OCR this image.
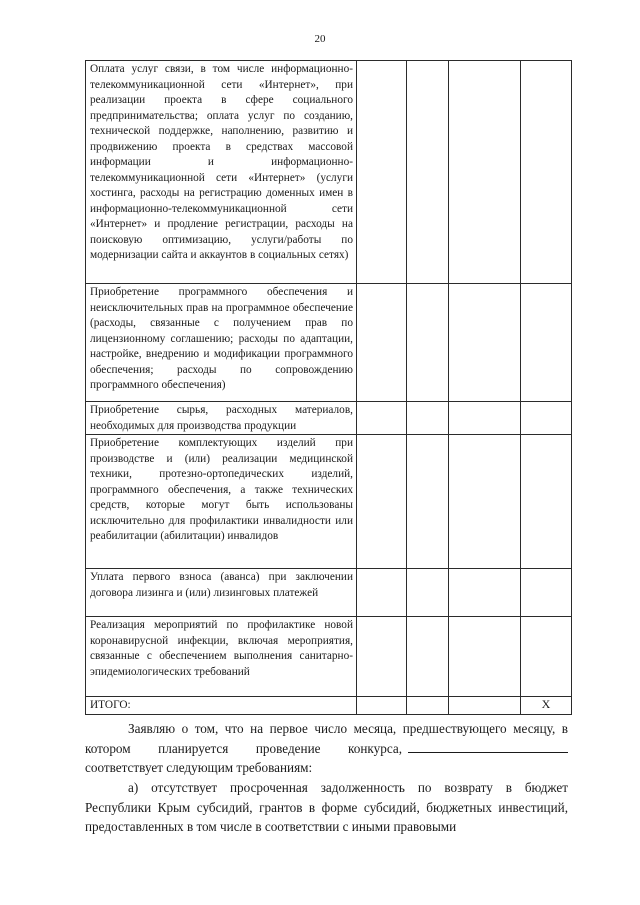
20
Оплата услуг связи, в том числе информационно-телекоммуникационной сети «Интернет», при реализации проекта в сфере социального предпринимательства; оплата услуг по созданию, технической поддержке, наполнению, развитию и продвижению проекта в средствах массовой информации и информационно-телекоммуникационной сети «Интернет» (услуги хостинга, расходы на регистрацию доменных имен в информационно-телекоммуникационной сети «Интернет» и продление регистрации, расходы на поисковую оптимизацию, услуги/работы по модернизации сайта и аккаунтов в социальных сетях)				
Приобретение программного обеспечения и неисключительных прав на программное обеспечение (расходы, связанные с получением прав по лицензионному соглашению; расходы по адаптации, настройке, внедрению и модификации программного обеспечения; расходы по сопровождению программного обеспечения)				
Приобретение сырья, расходных материалов, необходимых для производства продукции				
Приобретение комплектующих изделий при производстве и (или) реализации медицинской техники, протезно-ортопедических изделий, программного обеспечения, а также технических средств, которые могут быть использованы исключительно для профилактики инвалидности или реабилитации (абилитации) инвалидов				
Уплата первого взноса (аванса) при заключении договора лизинга и (или) лизинговых платежей				
Реализация мероприятий по профилактике новой коронавирусной инфекции, включая мероприятия, связанные с обеспечением выполнения санитарно-эпидемиологических требований				
ИТОГО:				X
Заявляю о том, что на первое число месяца, предшествующего месяцу, в котором планируется проведение конкурса, соответствует следующим требованиям:
а) отсутствует просроченная задолженность по возврату в бюджет Республики Крым субсидий, грантов в форме субсидий, бюджетных инвестиций, предоставленных в том числе в соответствии с иными правовыми
